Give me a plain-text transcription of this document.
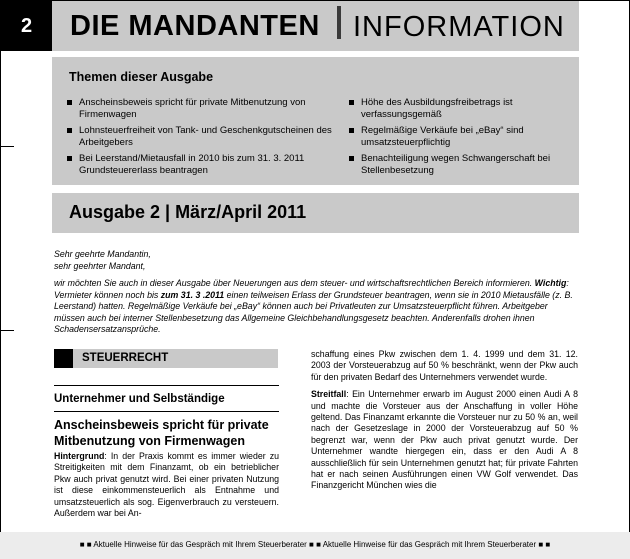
2	DIE MANDANTEN INFORMATION
Themen dieser Ausgabe
Anscheinsbeweis spricht für private Mitbenutzung von Firmenwagen
Lohnsteuerfreiheit von Tank- und Geschenkgutscheinen des Arbeitgebers
Bei Leerstand/Mietausfall in 2010 bis zum 31. 3. 2011 Grundsteuererlass beantragen
Höhe des Ausbildungsfreibetrags ist verfassungsgemäß
Regelmäßige Verkäufe bei „eBay“ sind umsatzsteuerpflichtig
Benachteiligung wegen Schwangerschaft bei Stellenbesetzung
Ausgabe 2 | März/April 2011

Sehr geehrte Mandantin,

sehr geehrter Mandant,

wir möchten Sie auch in dieser Ausgabe über Neuerungen aus dem steuer- und wirtschaftsrechtlichen Bereich informieren. Wichtig: Vermieter können noch bis zum 31. 3 .2011 einen teilweisen Erlass der Grundsteuer beantragen, wenn sie in 2010 Mietausfälle (z. B. Leerstand) hatten. Regelmäßige Verkäufe bei „eBay“ können auch bei Privatleuten zur Umsatzsteuerpflicht führen. Arbeitgeber müssen auch bei interner Stellenbesetzung das Allgemeine Gleichbehandlungsgesetz beachten. Anderenfalls drohen ihnen Schadensersatzansprüche.

STEUERRECHT
Unternehmer und Selbständige
Anscheinsbeweis spricht für private Mitbenutzung von Firmenwagen

Hintergrund: In der Praxis kommt es immer wieder zu Streitigkeiten mit dem Finanzamt, ob ein betrieblicher Pkw auch privat genutzt wird. Bei einer privaten Nutzung ist diese einkommensteuerlich als Entnahme und umsatzsteuerlich als sog. Eigenverbrauch zu versteuern. Außerdem war bei An-

schaffung eines Pkw zwischen dem 1. 4. 1999 und dem 31. 12. 2003 der Vorsteuerabzug auf 50 % beschränkt, wenn der Pkw auch für den privaten Bedarf des Unternehmers verwendet wurde.

Streitfall: Ein Unternehmer erwarb im August 2000 einen Audi A 8 und machte die Vorsteuer aus der Anschaffung in voller Höhe geltend. Das Finanzamt erkannte die Vorsteuer nur zu 50 % an, weil nach der Gesetzeslage in 2000 der Vorsteuerabzug auf 50 % begrenzt war, wenn der Pkw auch privat genutzt wurde. Der Unternehmer wandte hiergegen ein, dass er den Audi A 8 ausschließlich für sein Unternehmen genutzt hat; für private Fahrten hat er nach seinen Ausführungen einen VW Golf verwendet. Das Finanzgericht München wies die

■ ■ Aktuelle Hinweise für das Gespräch mit Ihrem Steuerberater ■ ■ Aktuelle Hinweise für das Gespräch mit Ihrem Steuerberater ■ ■
